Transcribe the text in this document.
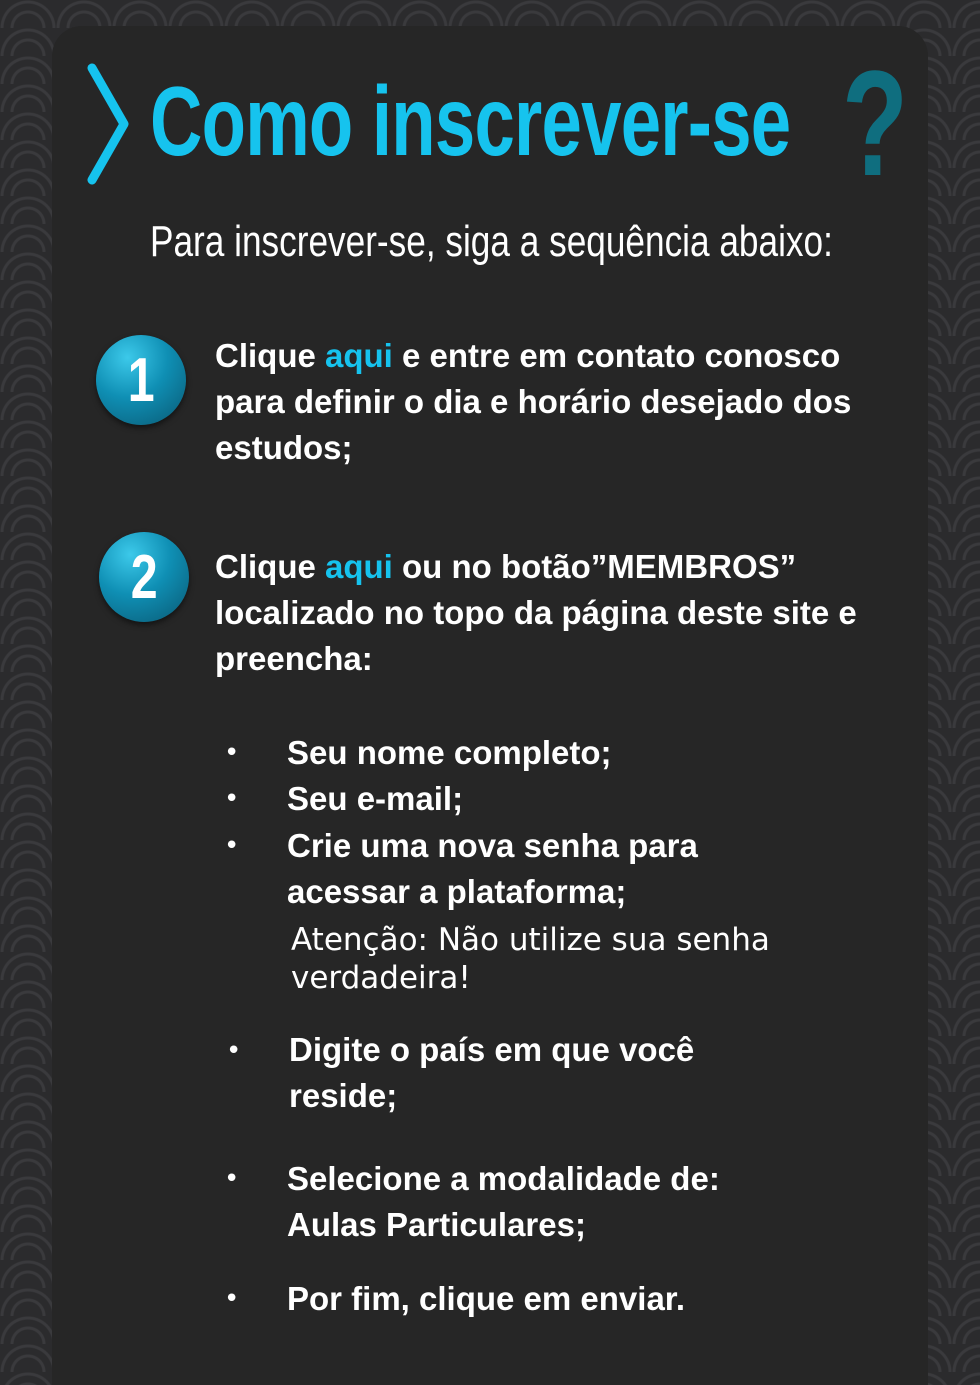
Como inscrever-se ?

Para inscrever-se, siga a sequência abaixo:

1 Clique aqui e entre em contato conosco para definir o dia e horário desejado dos estudos;

2 Clique aqui ou no botão”MEMBROS” localizado no topo da página deste site e preencha:

• Seu nome completo;

• Seu e-mail;

• Crie uma nova senha para acessar a plataforma;

Atenção: Não utilize sua senha verdadeira!

• Digite o país em que você reside;

• Selecione a modalidade de: Aulas Particulares;

• Por fim, clique em enviar.
